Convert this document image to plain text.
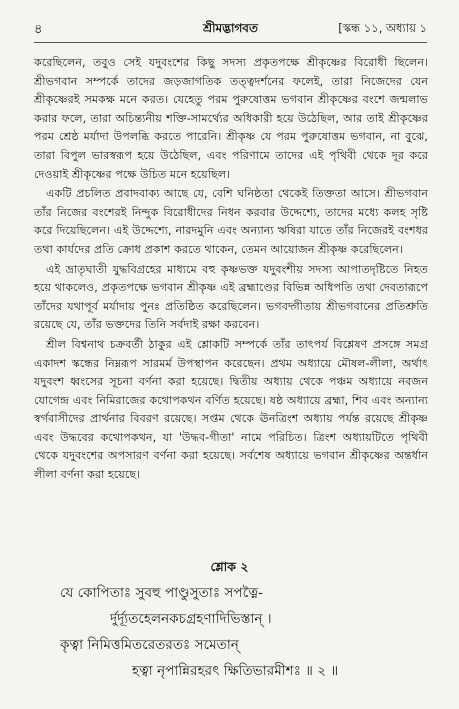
৪	শ্রীমদ্ভাগবত	[স্কন্ধ ১১, অধ্যায় ১

করেছিলেন, তবুও সেই যদুবংশের কিছু সদস্য প্রকৃতপক্ষে শ্রীকৃষ্ণের বিরোধী ছিলেন। শ্রীভগবান সম্পর্কে তাদের জড়জাগতিক তত্ত্বদর্শনের ফলেই, তারা নিজেদের যেন শ্রীকৃষ্ণেরই সমকক্ষ মনে করত। যেহেতু পরম পুরুষোত্তম ভগবান শ্রীকৃষ্ণের বংশে জন্মলাভ করার ফলে, তারা অচিন্ত্যনীয় শক্তি-সামর্থ্যের অধিকারী হয়ে উঠেছিল, আর তাই শ্রীকৃষ্ণের পরম শ্রেষ্ঠ মর্যাদা উপলব্ধি করতে পারেনি। শ্রীকৃষ্ণ যে পরম পুরুষোত্তম ভগবান, না বুঝে, তারা বিপুল ভারস্বরূপ হয়ে উঠেছিল, এবং পরিণামে তাদের এই পৃথিবী থেকে দূর করে দেওয়াই শ্রীকৃষ্ণের পক্ষে উচিত মনে হয়েছিল।

একটি প্রচলিত প্রবাদবাক্য আছে যে, বেশি ঘনিষ্ঠতা থেকেই তিক্ততা আসে। শ্রীভগবান তাঁর নিজের বংশেরই নিন্দুক বিরোধীদের নিধন করবার উদ্দেশ্যে, তাদের মধ্যে কলহ সৃষ্টি করে দিয়েছিলেন। এই উদ্দেশ্যে, নারদমুনি এবং অন্যান্য ঋষিরা যাতে তাঁর নিজেরই বংশধর তথা কার্যদের প্রতি ক্রোধ প্রকাশ করতে থাকেন, তেমন আয়োজন শ্রীকৃষ্ণ করেছিলেন।

এই ভ্রাতৃঘাতী যুদ্ধবিগ্রহের মাধ্যমে বহু কৃষ্ণভক্ত যদুবংশীয় সদস্য আপাতদৃষ্টিতে নিহত হয়ে থাকলেও, প্রকৃতপক্ষে ভগবান শ্রীকৃষ্ণ এই ব্রহ্মাণ্ডের বিভিন্ন অধিপতি তথা দেবতারূপে তাঁদের যথাপূর্ব মর্যাদায় পুনঃ প্রতিষ্ঠিত করেছিলেন। ভগবদ্গীতায় শ্রীভগবানের প্রতিশ্রুতি রয়েছে যে, তাঁর ভক্তদের তিনি সর্বদাই রক্ষা করবেন।

শ্রীল বিশ্বনাথ চক্রবর্তী ঠাকুর এই শ্লোকটি সম্পর্কে তাঁর তাৎপর্য বিশ্লেষণ প্রসঙ্গে সমগ্র একাদশ স্কন্ধের নিম্নরূপ সারমর্ম উপস্থাপন করেছেন। প্রথম অধ্যায়ে মৌষল-লীলা, অর্থাৎ যদুবংশ ধ্বংসের সূচনা বর্ণনা করা হয়েছে। দ্বিতীয় অধ্যায় থেকে পঞ্চম অধ্যায়ে নবজন যোগেন্দ্র এবং নিমিরাজের কথোপকথন বর্ণিত হয়েছে। ষষ্ঠ অধ্যায়ে ব্রহ্মা, শিব এবং অন্যান্য স্বর্গবাসীদের প্রার্থনার বিবরণ রয়েছে। সপ্তম থেকে ঊনত্রিংশ অধ্যায় পর্যন্ত রয়েছে শ্রীকৃষ্ণ এবং উদ্ধবের কথোপকথন, যা 'উদ্ধব-গীতা' নামে পরিচিত। ত্রিংশ অধ্যায়টিতে পৃথিবী থেকে যদুবংশের অপসারণ বর্ণনা করা হয়েছে। সর্বশেষ অধ্যায়ে ভগবান শ্রীকৃষ্ণের অন্তর্ধান লীলা বর্ণনা করা হয়েছে।

শ্লোক ২
যে কোপিতাঃ সুবহু পাণ্ডুসুতাঃ সপত্নৈ-
র্দুর্দ্যূতহেলনকচগ্রহণাদিভিস্তান্ ।
কৃত্বা নিমিত্তমিতরেতরতঃ সমেতান্
হত্বা নৃপান্নিরহরৎ ক্ষিতিভারমীশঃ ॥ ২ ॥
